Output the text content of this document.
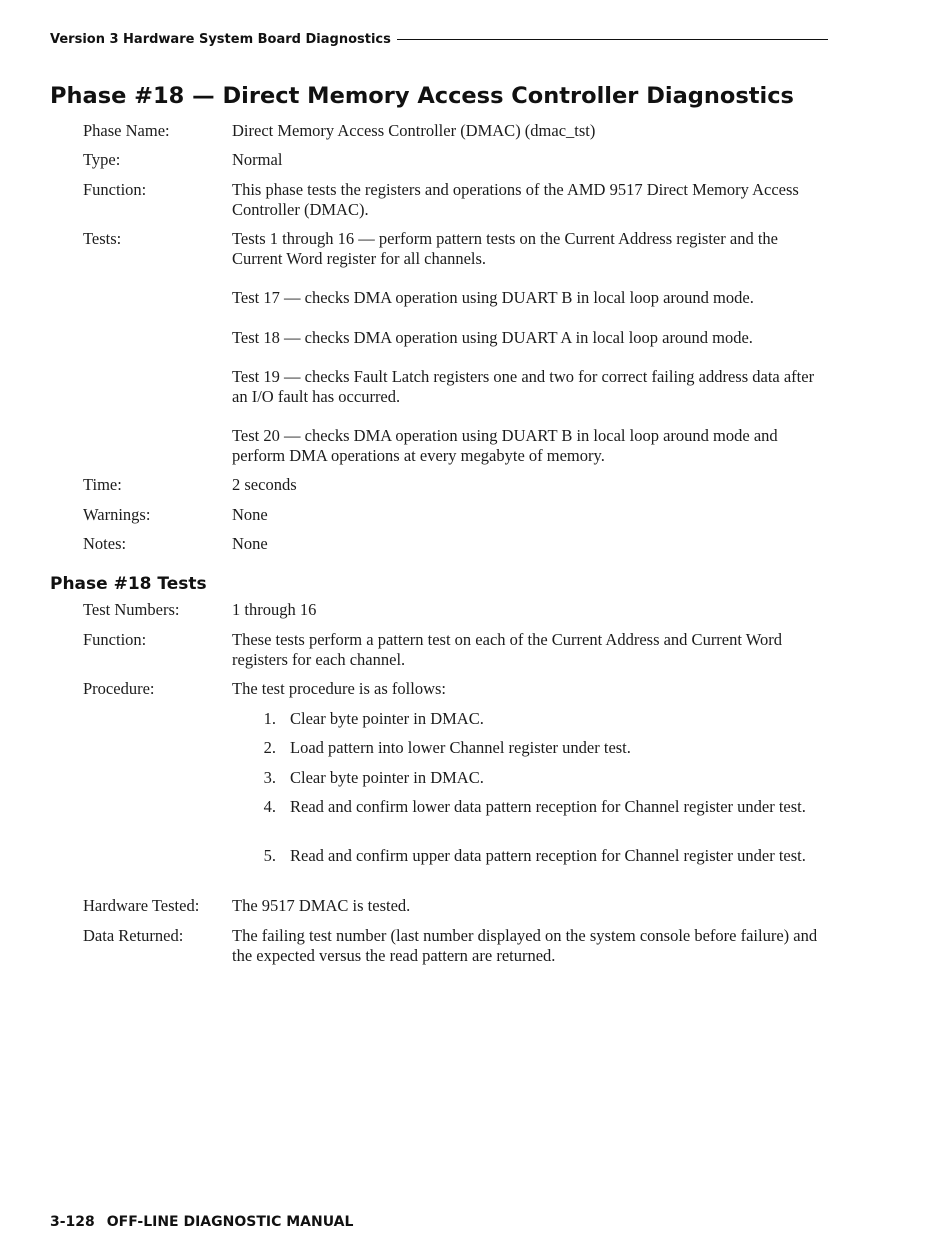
Version 3 Hardware System Board Diagnostics
Phase #18 — Direct Memory Access Controller Diagnostics
Phase Name:	Direct Memory Access Controller (DMAC) (dmac_tst)
Type:	Normal
Function:	This phase tests the registers and operations of the AMD 9517 Direct Memory Access Controller (DMAC).
Tests:	Tests 1 through 16 — perform pattern tests on the Current Address register and the Current Word register for all channels.
Test 17 — checks DMA operation using DUART B in local loop around mode.
Test 18 — checks DMA operation using DUART A in local loop around mode.
Test 19 — checks Fault Latch registers one and two for correct failing address data after an I/O fault has occurred.
Test 20 — checks DMA operation using DUART B in local loop around mode and perform DMA operations at every megabyte of memory.
Time:	2 seconds
Warnings:	None
Notes:	None
Phase #18 Tests
Test Numbers:	1 through 16
Function:	These tests perform a pattern test on each of the Current Address and Current Word registers for each channel.
Procedure:	The test procedure is as follows:
1. Clear byte pointer in DMAC.
2. Load pattern into lower Channel register under test.
3. Clear byte pointer in DMAC.
4. Read and confirm lower data pattern reception for Channel register under test.
5. Read and confirm upper data pattern reception for Channel register under test.
Hardware Tested: The 9517 DMAC is tested.
Data Returned:	The failing test number (last number displayed on the system console before failure) and the expected versus the read pattern are returned.
3-128 OFF-LINE DIAGNOSTIC MANUAL
